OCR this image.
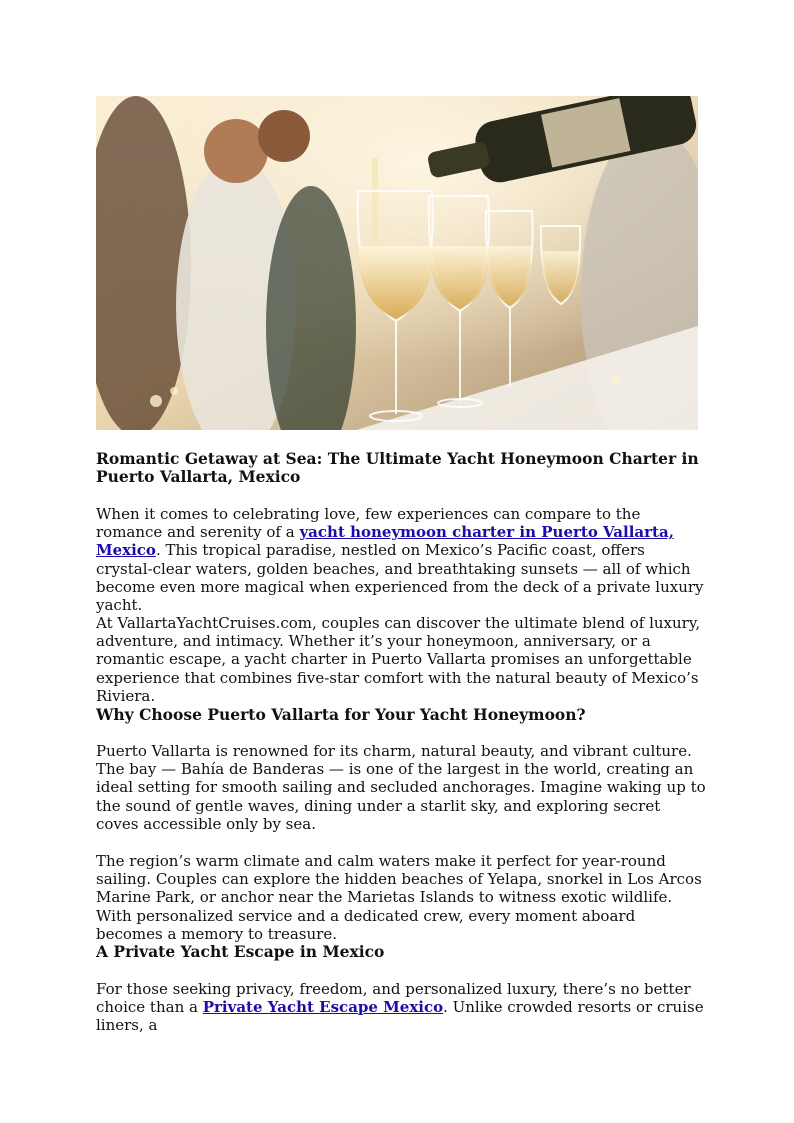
Romantic Getaway at Sea: The Ultimate Yacht Honeymoon Charter in Puerto Vallarta, Mexico

When it comes to celebrating love, few experiences can compare to the romance and serenity of a yacht honeymoon charter in Puerto Vallarta, Mexico. This tropical paradise, nestled on Mexico’s Pacific coast, offers crystal-clear waters, golden beaches, and breathtaking sunsets — all of which become even more magical when experienced from the deck of a private luxury yacht.

At VallartaYachtCruises.com, couples can discover the ultimate blend of luxury, adventure, and intimacy. Whether it’s your honeymoon, anniversary, or a romantic escape, a yacht charter in Puerto Vallarta promises an unforgettable experience that combines five-star comfort with the natural beauty of Mexico’s Riviera.

Why Choose Puerto Vallarta for Your Yacht Honeymoon?

Puerto Vallarta is renowned for its charm, natural beauty, and vibrant culture. The bay — Bahía de Banderas — is one of the largest in the world, creating an ideal setting for smooth sailing and secluded anchorages. Imagine waking up to the sound of gentle waves, dining under a starlit sky, and exploring secret coves accessible only by sea.

The region’s warm climate and calm waters make it perfect for year-round sailing. Couples can explore the hidden beaches of Yelapa, snorkel in Los Arcos Marine Park, or anchor near the Marietas Islands to witness exotic wildlife. With personalized service and a dedicated crew, every moment aboard becomes a memory to treasure.

A Private Yacht Escape in Mexico

For those seeking privacy, freedom, and personalized luxury, there’s no better choice than a Private Yacht Escape Mexico. Unlike crowded resorts or cruise liners, a
